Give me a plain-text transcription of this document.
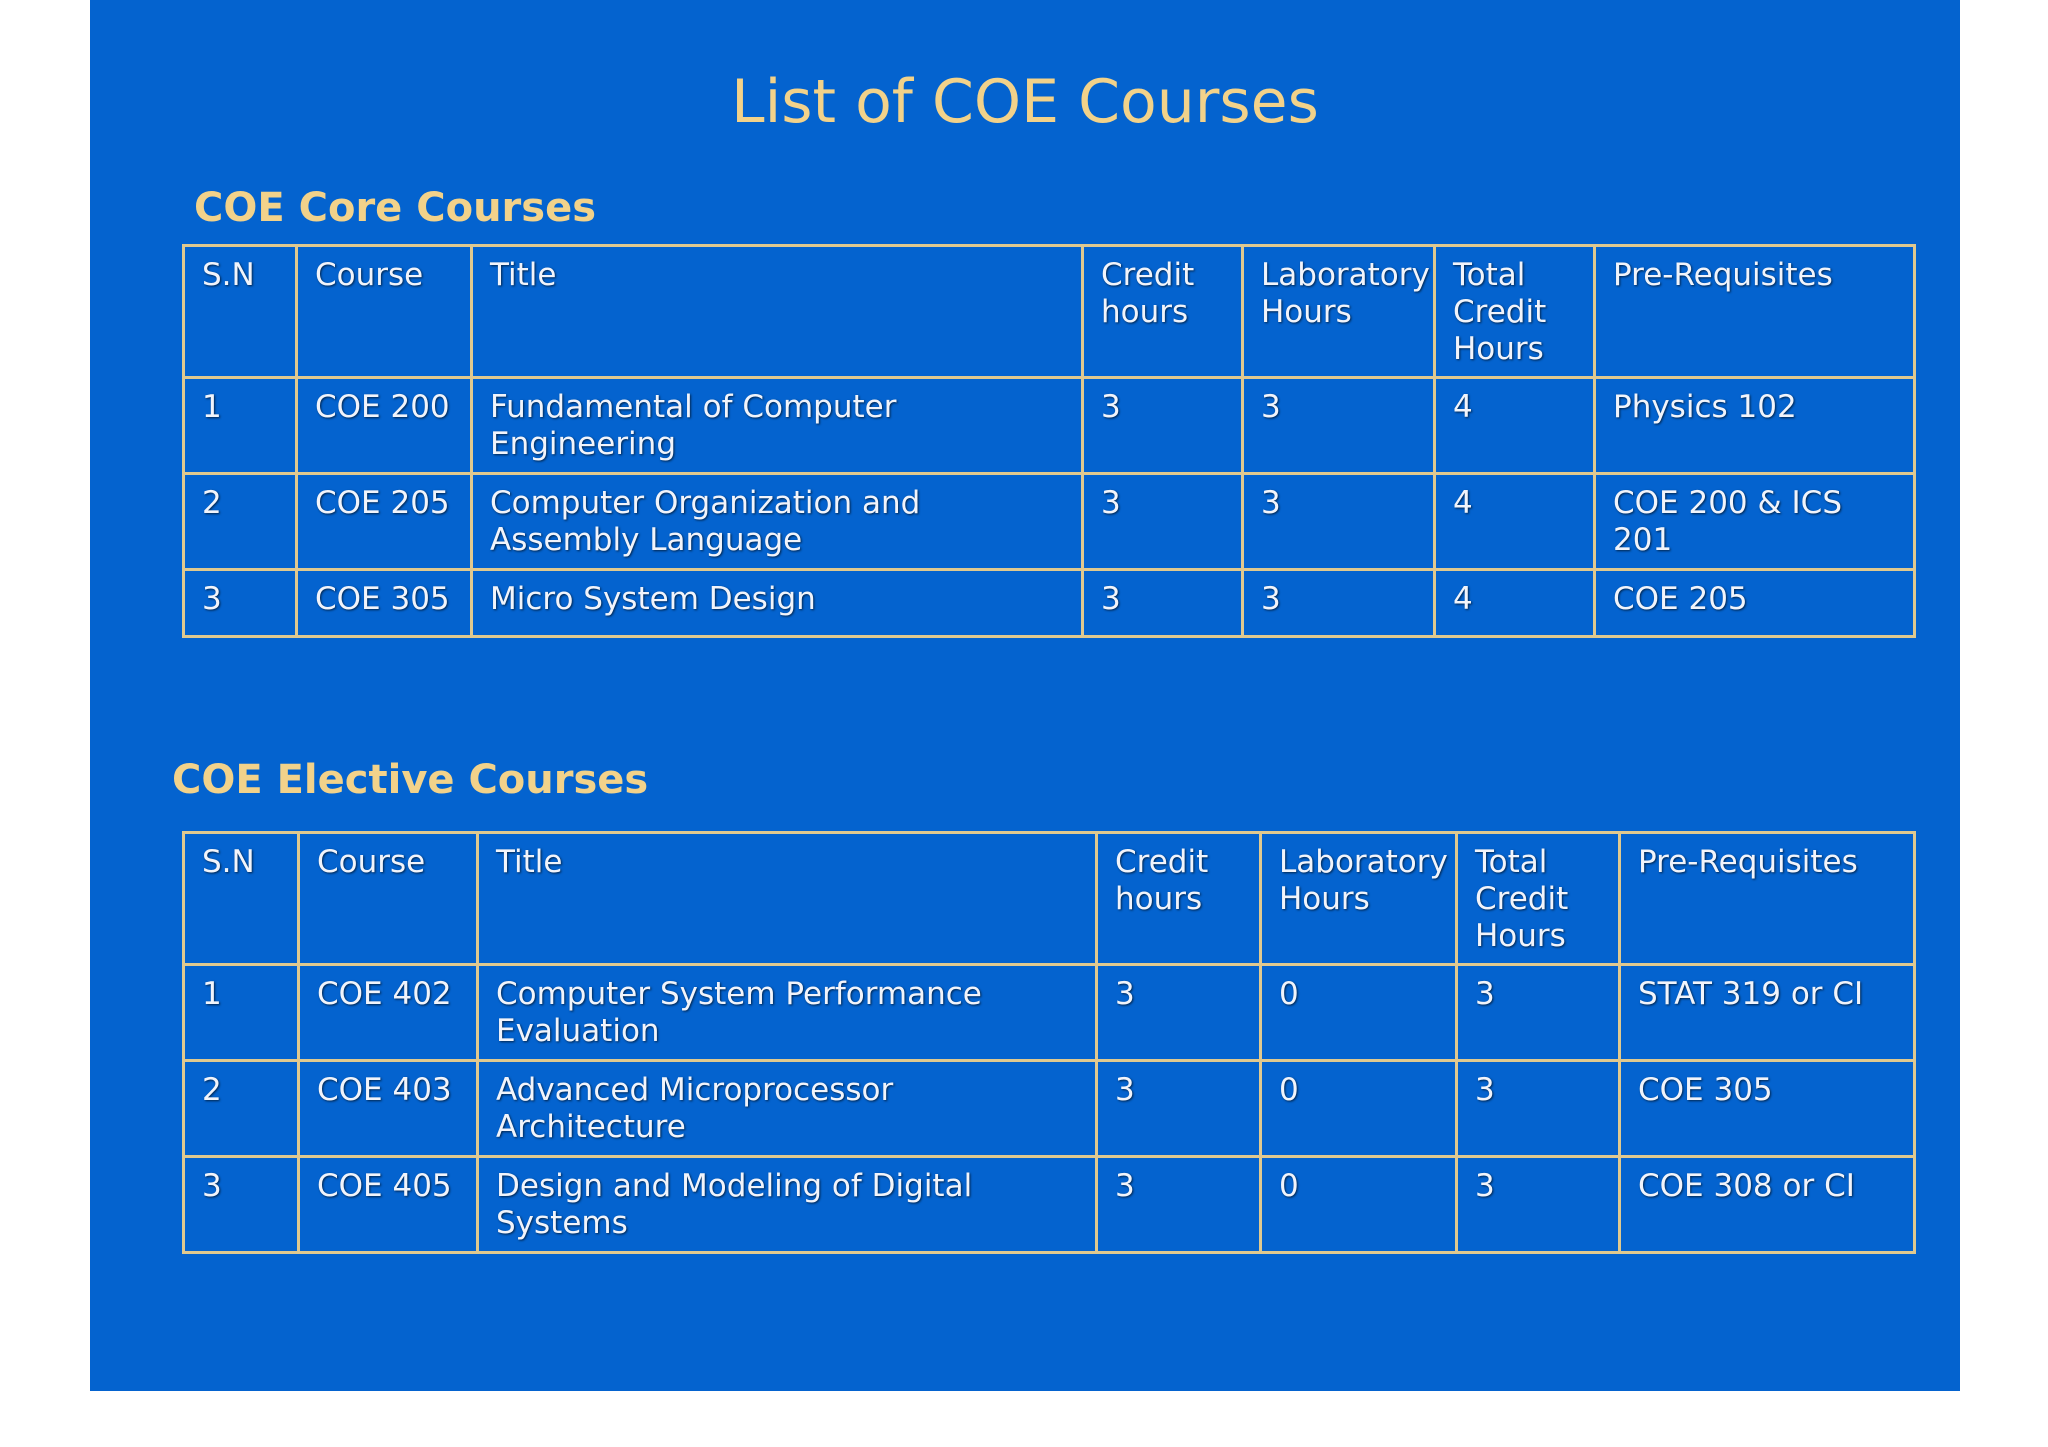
List of COE Courses
COE Core Courses
S.N	Course	Title	Credit hours	Laboratory Hours	Total Credit Hours	Pre-Requisites
1	COE 200	Fundamental of Computer Engineering	3	3	4	Physics 102
2	COE 205	Computer Organization and Assembly Language	3	3	4	COE 200 & ICS 201
3	COE 305	Micro System Design	3	3	4	COE 205
COE Elective Courses
S.N	Course	Title	Credit hours	Laboratory Hours	Total Credit Hours	Pre-Requisites
1	COE 402	Computer System Performance Evaluation	3	0	3	STAT 319 or CI
2	COE 403	Advanced Microprocessor Architecture	3	0	3	COE 305
3	COE 405	Design and Modeling of Digital Systems	3	0	3	COE 308 or CI
